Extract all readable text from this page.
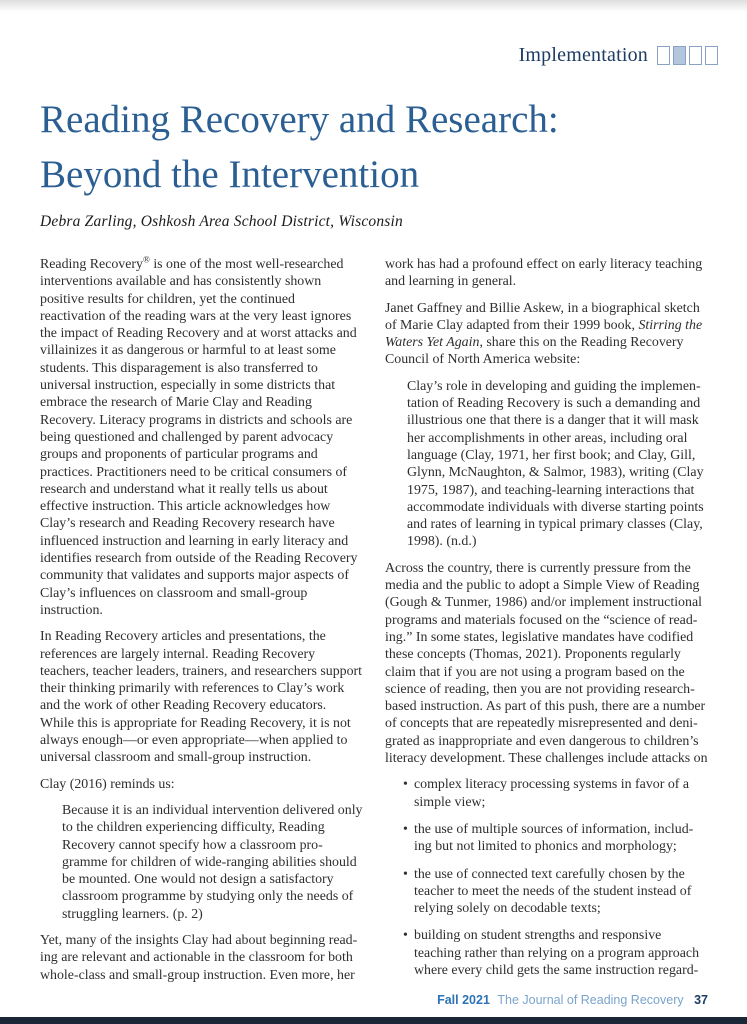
Implementation
Reading Recovery and Research:
Beyond the Intervention
Debra Zarling, Oshkosh Area School District, Wisconsin

Reading Recovery® is one of the most well-researched interventions available and has consistently shown positive results for children, yet the continued reactivation of the reading wars at the very least ignores the impact of Reading Recovery and at worst attacks and villainizes it as dangerous or harmful to at least some students. This disparagement is also transferred to universal instruction, especially in some districts that embrace the research of Marie Clay and Reading Recovery. Literacy programs in districts and schools are being questioned and challenged by parent advocacy groups and proponents of particular programs and practices. Practitioners need to be critical consumers of research and understand what it really tells us about effective instruction. This article acknowledges how Clay’s research and Reading Recovery research have influenced instruction and learning in early literacy and identifies research from outside of the Reading Recovery community that validates and supports major aspects of Clay’s influences on classroom and small-group instruction.

In Reading Recovery articles and presentations, the references are largely internal. Reading Recovery teachers, teacher leaders, trainers, and researchers support their thinking primarily with references to Clay’s work and the work of other Reading Recovery educators. While this is appropriate for Reading Recovery, it is not always enough—or even appropriate—when applied to universal classroom and small-group instruction.

Clay (2016) reminds us:

Because it is an individual intervention delivered only to the children experiencing difficulty, Reading Recovery cannot specify how a classroom pro-gramme for children of wide-ranging abilities should be mounted. One would not design a satisfactory classroom programme by studying only the needs of struggling learners. (p. 2)

Yet, many of the insights Clay had about beginning read-ing are relevant and actionable in the classroom for both whole-class and small-group instruction. Even more, her

work has had a profound effect on early literacy teaching and learning in general.

Janet Gaffney and Billie Askew, in a biographical sketch of Marie Clay adapted from their 1999 book, Stirring the Waters Yet Again, share this on the Reading Recovery Council of North America website:

Clay’s role in developing and guiding the implemen-tation of Reading Recovery is such a demanding and illustrious one that there is a danger that it will mask her accomplishments in other areas, including oral language (Clay, 1971, her first book; and Clay, Gill, Glynn, McNaughton, & Salmor, 1983), writing (Clay 1975, 1987), and teaching-learning interactions that accommodate individuals with diverse starting points and rates of learning in typical primary classes (Clay, 1998). (n.d.)

Across the country, there is currently pressure from the media and the public to adopt a Simple View of Reading (Gough & Tunmer, 1986) and/or implement instructional programs and materials focused on the “science of read-ing.” In some states, legislative mandates have codified these concepts (Thomas, 2021). Proponents regularly claim that if you are not using a program based on the science of reading, then you are not providing research-based instruction. As part of this push, there are a number of concepts that are repeatedly misrepresented and deni-grated as inappropriate and even dangerous to children’s literacy development. These challenges include attacks on

• complex literacy processing systems in favor of a simple view;
• the use of multiple sources of information, includ-ing but not limited to phonics and morphology;
• the use of connected text carefully chosen by the teacher to meet the needs of the student instead of relying solely on decodable texts;
• building on student strengths and responsive teaching rather than relying on a program approach where every child gets the same instruction regard-
Fall 2021 The Journal of Reading Recovery 37
